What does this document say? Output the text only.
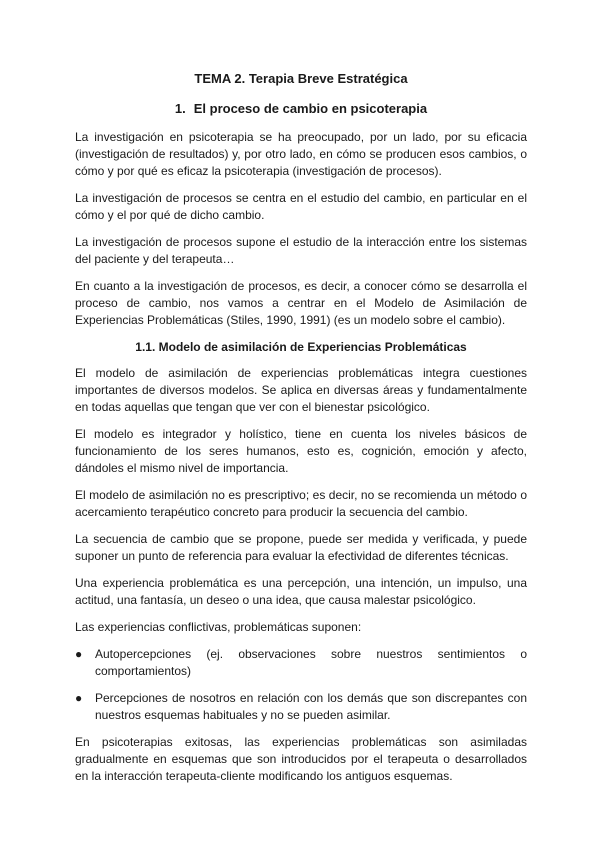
TEMA 2. Terapia Breve Estratégica
1. El proceso de cambio en psicoterapia

La investigación en psicoterapia se ha preocupado, por un lado, por su eficacia (investigación de resultados) y, por otro lado, en cómo se producen esos cambios, o cómo y por qué es eficaz la psicoterapia (investigación de procesos).

La investigación de procesos se centra en el estudio del cambio, en particular en el cómo y el por qué de dicho cambio.

La investigación de procesos supone el estudio de la interacción entre los sistemas del paciente y del terapeuta…

En cuanto a la investigación de procesos, es decir, a conocer cómo se desarrolla el proceso de cambio, nos vamos a centrar en el Modelo de Asimilación de Experiencias Problemáticas (Stiles, 1990, 1991) (es un modelo sobre el cambio).

1.1. Modelo de asimilación de Experiencias Problemáticas

El modelo de asimilación de experiencias problemáticas integra cuestiones importantes de diversos modelos. Se aplica en diversas áreas y fundamentalmente en todas aquellas que tengan que ver con el bienestar psicológico.

El modelo es integrador y holístico, tiene en cuenta los niveles básicos de funcionamiento de los seres humanos, esto es, cognición, emoción y afecto, dándoles el mismo nivel de importancia.

El modelo de asimilación no es prescriptivo; es decir, no se recomienda un método o acercamiento terapéutico concreto para producir la secuencia del cambio.

La secuencia de cambio que se propone, puede ser medida y verificada, y puede suponer un punto de referencia para evaluar la efectividad de diferentes técnicas.

Una experiencia problemática es una percepción, una intención, un impulso, una actitud, una fantasía, un deseo o una idea, que causa malestar psicológico.

Las experiencias conflictivas, problemáticas suponen:

●	Autopercepciones (ej. observaciones sobre nuestros sentimientos o comportamientos)
●	Percepciones de nosotros en relación con los demás que son discrepantes con nuestros esquemas habituales y no se pueden asimilar.

En psicoterapias exitosas, las experiencias problemáticas son asimiladas gradualmente en esquemas que son introducidos por el terapeuta o desarrollados en la interacción terapeuta-cliente modificando los antiguos esquemas.
